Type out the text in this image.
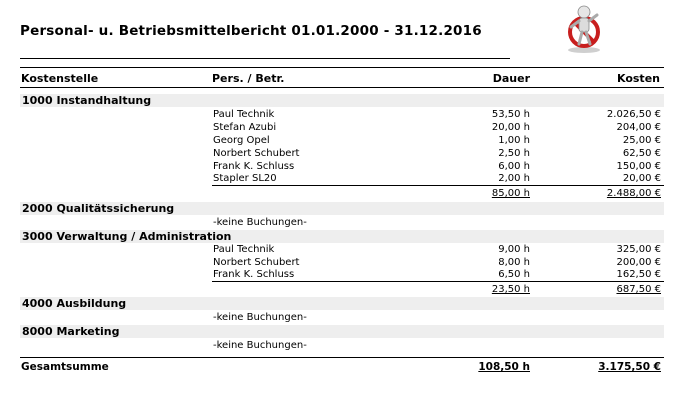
Personal- u. Betriebsmittelbericht 01.01.2000 - 31.12.2016
Kostenstelle	Pers. / Betr.	Dauer	Kosten
1000 Instandhaltung
Paul Technik	53,50 h	2.026,50 €
Stefan Azubi	20,00 h	204,00 €
Georg Opel	1,00 h	25,00 €
Norbert Schubert	2,50 h	62,50 €
Frank K. Schluss	6,00 h	150,00 €
Stapler SL20	2,00 h	20,00 €
85,00 h	2.488,00 €
2000 Qualitätssicherung
-keine Buchungen-
3000 Verwaltung / Administration
Paul Technik	9,00 h	325,00 €
Norbert Schubert	8,00 h	200,00 €
Frank K. Schluss	6,50 h	162,50 €
23,50 h	687,50 €
4000 Ausbildung
-keine Buchungen-
8000 Marketing
-keine Buchungen-
Gesamtsumme	108,50 h	3.175,50 €
